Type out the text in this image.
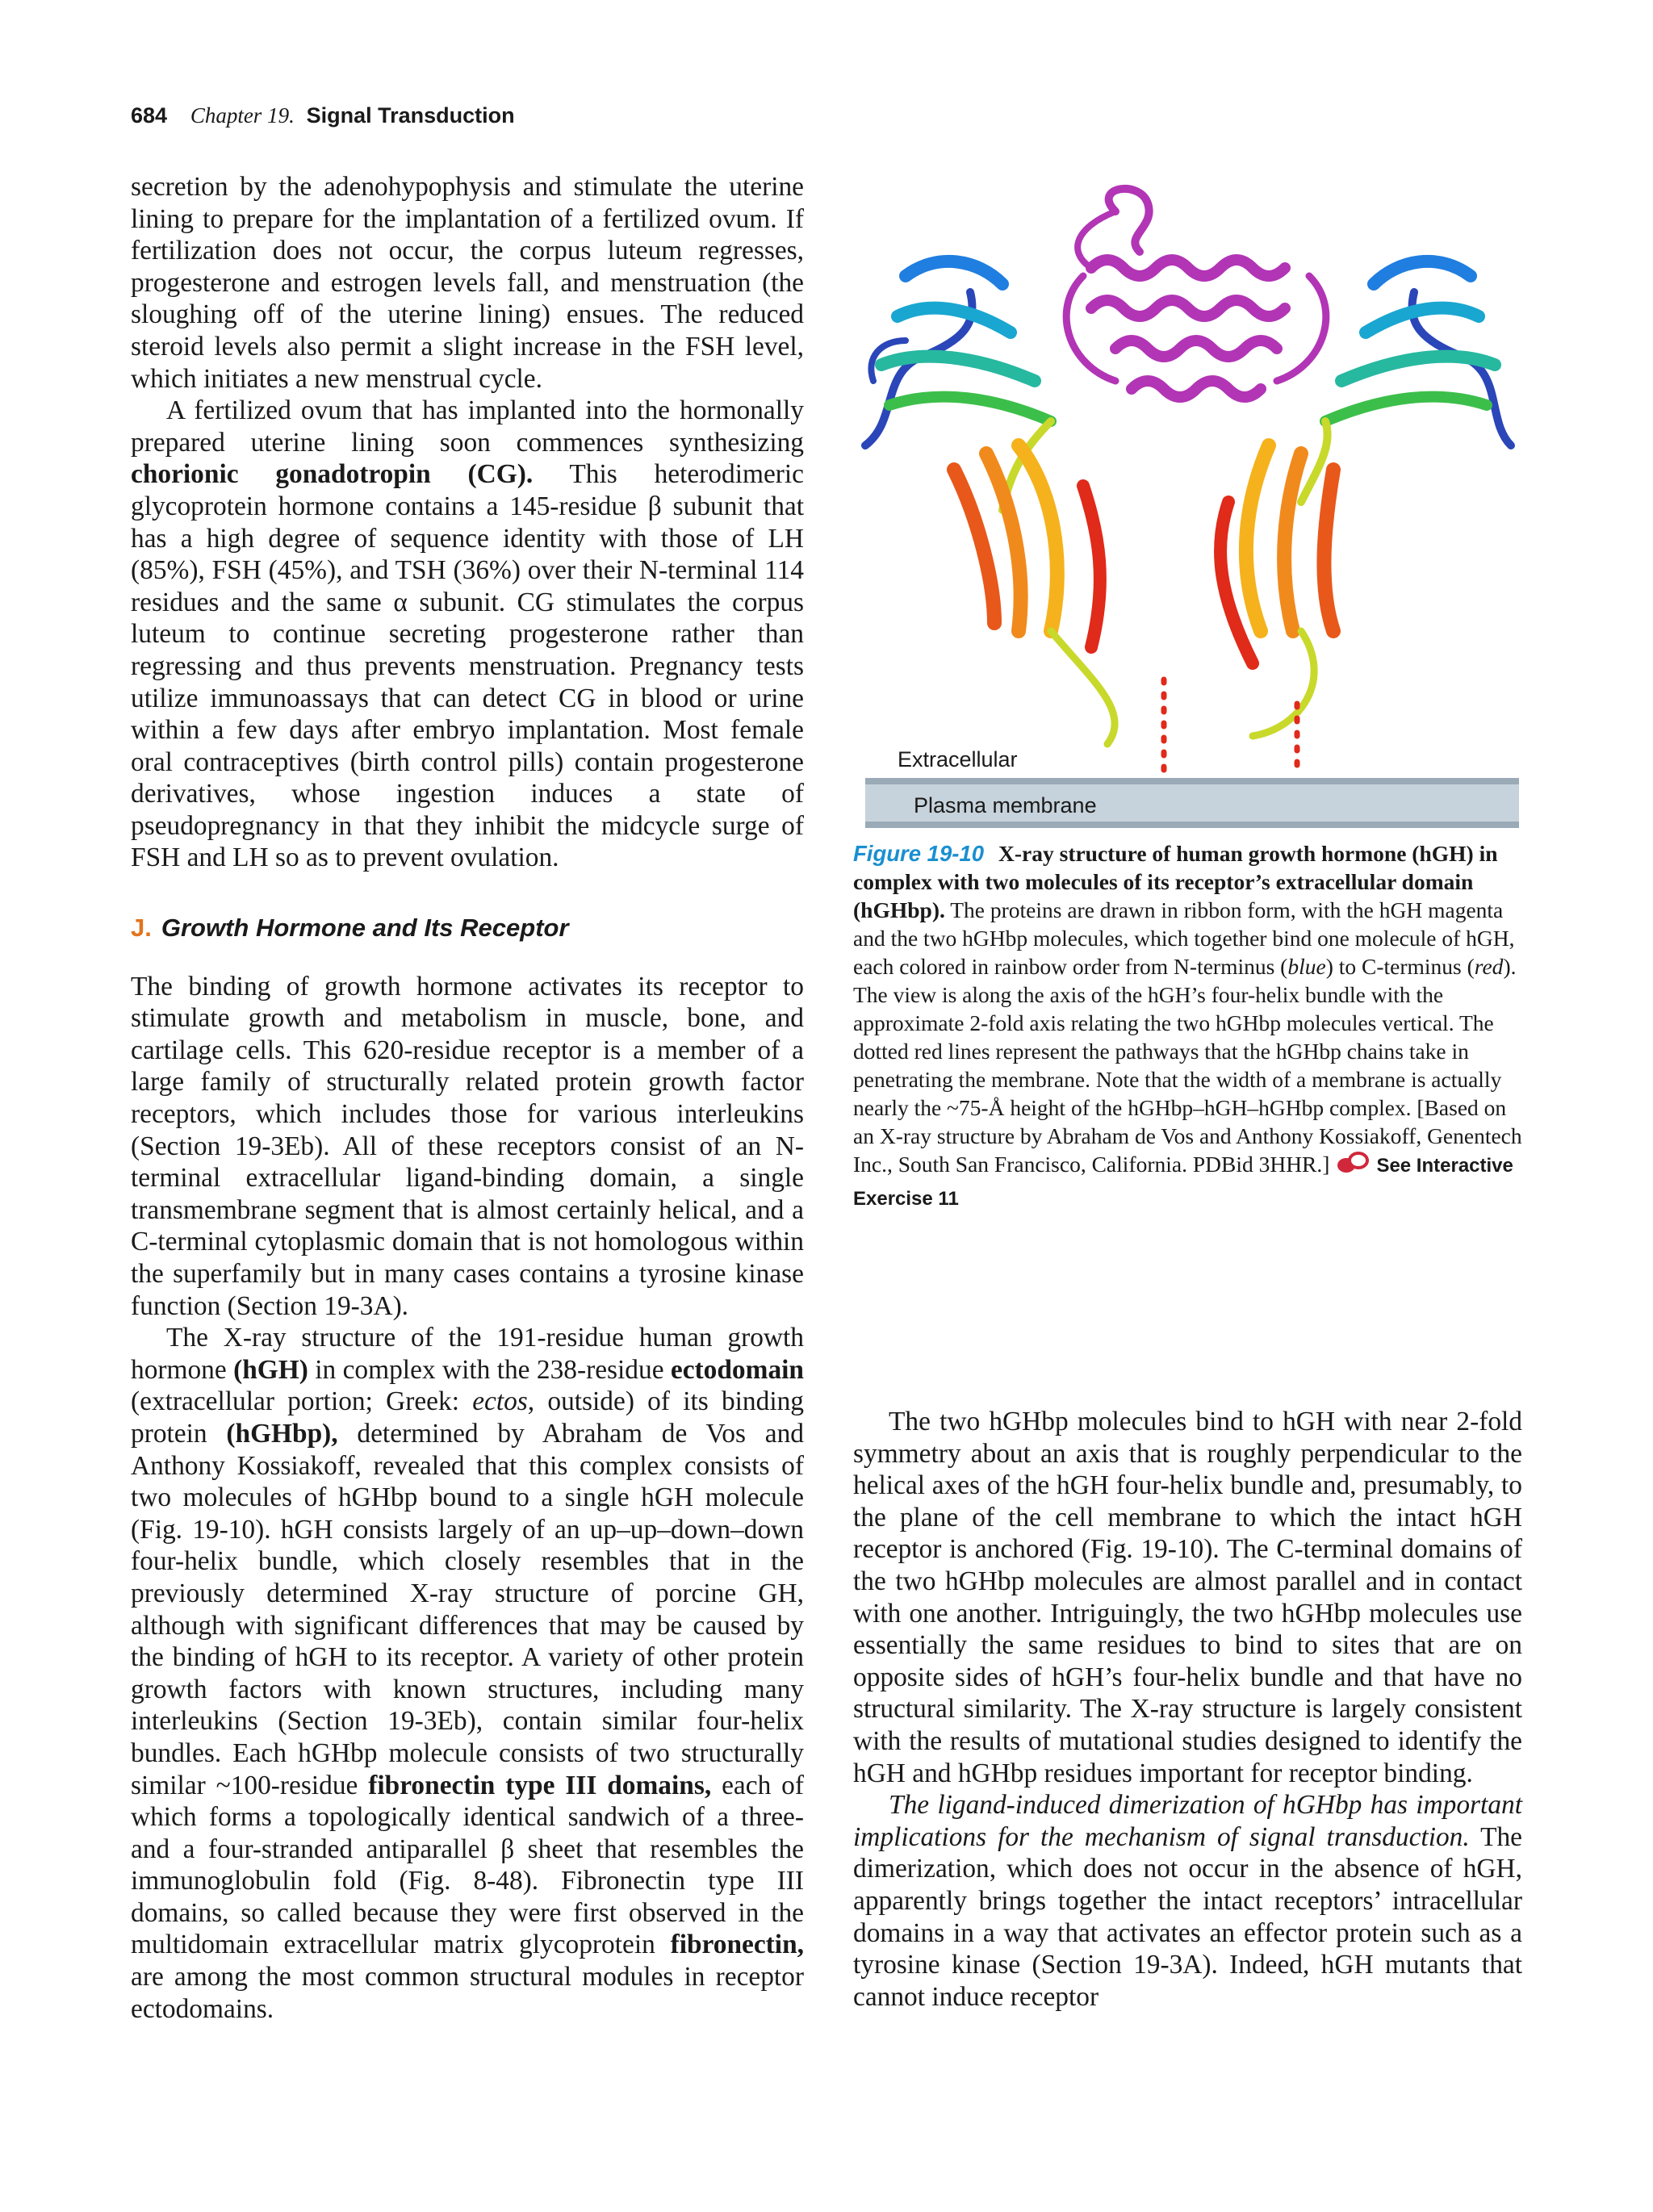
684 Chapter 19. Signal Transduction

secretion by the adenohypophysis and stimulate the uterine lining to prepare for the implantation of a fertilized ovum. If fertilization does not occur, the corpus luteum regresses, progesterone and estrogen levels fall, and menstruation (the sloughing off of the uterine lining) ensues. The reduced steroid levels also permit a slight increase in the FSH level, which initiates a new menstrual cycle.

A fertilized ovum that has implanted into the hormonally prepared uterine lining soon commences synthesizing chorionic gonadotropin (CG). This heterodimeric glycoprotein hormone contains a 145-residue β subunit that has a high degree of sequence identity with those of LH (85%), FSH (45%), and TSH (36%) over their N-terminal 114 residues and the same α subunit. CG stimulates the corpus luteum to continue secreting progesterone rather than regressing and thus prevents menstruation. Pregnancy tests utilize immunoassays that can detect CG in blood or urine within a few days after embryo implantation. Most female oral contraceptives (birth control pills) contain progesterone derivatives, whose ingestion induces a state of pseudopregnancy in that they inhibit the midcycle surge of FSH and LH so as to prevent ovulation.

J. Growth Hormone and Its Receptor

The binding of growth hormone activates its receptor to stimulate growth and metabolism in muscle, bone, and cartilage cells. This 620-residue receptor is a member of a large family of structurally related protein growth factor receptors, which includes those for various interleukins (Section 19-3Eb). All of these receptors consist of an N-terminal extracellular ligand-binding domain, a single transmembrane segment that is almost certainly helical, and a C-terminal cytoplasmic domain that is not homologous within the superfamily but in many cases contains a tyrosine kinase function (Section 19-3A).

The X-ray structure of the 191-residue human growth hormone (hGH) in complex with the 238-residue ectodomain (extracellular portion; Greek: ectos, outside) of its binding protein (hGHbp), determined by Abraham de Vos and Anthony Kossiakoff, revealed that this complex consists of two molecules of hGHbp bound to a single hGH molecule (Fig. 19-10). hGH consists largely of an up–up–down–down four-helix bundle, which closely resembles that in the previously determined X-ray structure of porcine GH, although with significant differences that may be caused by the binding of hGH to its receptor. A variety of other protein growth factors with known structures, including many interleukins (Section 19-3Eb), contain similar four-helix bundles. Each hGHbp molecule consists of two structurally similar ~100-residue fibronectin type III domains, each of which forms a topologically identical sandwich of a three- and a four-stranded antiparallel β sheet that resembles the immunoglobulin fold (Fig. 8-48). Fibronectin type III domains, so called because they were first observed in the multidomain extracellular matrix glycoprotein fibronectin, are among the most common structural modules in receptor ectodomains.

Extracellular
Plasma membrane
Figure 19-10 X-ray structure of human growth hormone (hGH) in complex with two molecules of its receptor’s extracellular domain (hGHbp). The proteins are drawn in ribbon form, with the hGH magenta and the two hGHbp molecules, which together bind one molecule of hGH, each colored in rainbow order from N-terminus (blue) to C-terminus (red). The view is along the axis of the hGH’s four-helix bundle with the approximate 2-fold axis relating the two hGHbp molecules vertical. The dotted red lines represent the pathways that the hGHbp chains take in penetrating the membrane. Note that the width of a membrane is actually nearly the ~75-Å height of the hGHbp–hGH–hGHbp complex. [Based on an X-ray structure by Abraham de Vos and Anthony Kossiakoff, Genentech Inc., South San Francisco, California. PDBid 3HHR.] See Interactive Exercise 11

The two hGHbp molecules bind to hGH with near 2-fold symmetry about an axis that is roughly perpendicular to the helical axes of the hGH four-helix bundle and, presumably, to the plane of the cell membrane to which the intact hGH receptor is anchored (Fig. 19-10). The C-terminal domains of the two hGHbp molecules are almost parallel and in contact with one another. Intriguingly, the two hGHbp molecules use essentially the same residues to bind to sites that are on opposite sides of hGH’s four-helix bundle and that have no structural similarity. The X-ray structure is largely consistent with the results of mutational studies designed to identify the hGH and hGHbp residues important for receptor binding.

The ligand-induced dimerization of hGHbp has important implications for the mechanism of signal transduction. The dimerization, which does not occur in the absence of hGH, apparently brings together the intact receptors’ intracellular domains in a way that activates an effector protein such as a tyrosine kinase (Section 19-3A). Indeed, hGH mutants that cannot induce receptor
